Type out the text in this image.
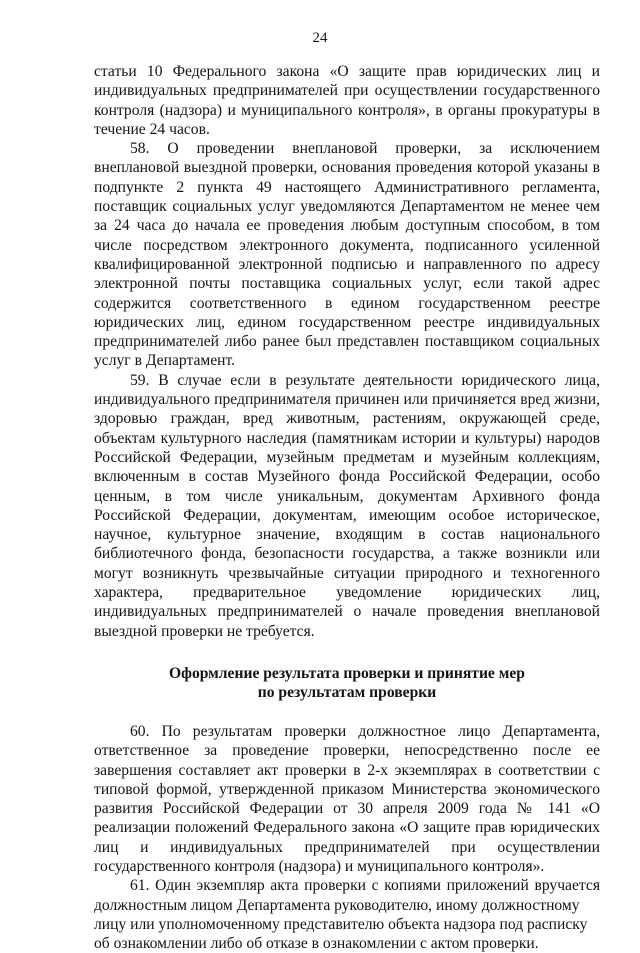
24

статьи 10 Федерального закона «О защите прав юридических лиц и индивидуальных предпринимателей при осуществлении государственного контроля (надзора) и муниципального контроля», в органы прокуратуры в течение 24 часов.

58. О проведении внеплановой проверки, за исключением внеплановой выездной проверки, основания проведения которой указаны в подпункте 2 пункта 49 настоящего Административного регламента, поставщик социальных услуг уведомляются Департаментом не менее чем за 24 часа до начала ее проведения любым доступным способом, в том числе посредством электронного документа, подписанного усиленной квалифицированной электронной подписью и направленного по адресу электронной почты поставщика социальных услуг, если такой адрес содержится соответственного в едином государственном реестре юридических лиц, едином государственном реестре индивидуальных предпринимателей либо ранее был представлен поставщиком социальных услуг в Департамент.

59. В случае если в результате деятельности юридического лица, индивидуального предпринимателя причинен или причиняется вред жизни, здоровью граждан, вред животным, растениям, окружающей среде, объектам культурного наследия (памятникам истории и культуры) народов Российской Федерации, музейным предметам и музейным коллекциям, включенным в состав Музейного фонда Российской Федерации, особо ценным, в том числе уникальным, документам Архивного фонда Российской Федерации, документам, имеющим особое историческое, научное, культурное значение, входящим в состав национального библиотечного фонда, безопасности государства, а также возникли или могут возникнуть чрезвычайные ситуации природного и техногенного характера, предварительное уведомление юридических лиц, индивидуальных предпринимателей о начале проведения внеплановой выездной проверки не требуется.

Оформление результата проверки и принятие мер
по результатам проверки

60. По результатам проверки должностное лицо Департамента, ответственное за проведение проверки, непосредственно после ее завершения составляет акт проверки в 2-х экземплярах в соответствии с типовой формой, утвержденной приказом Министерства экономического развития Российской Федерации от 30 апреля 2009 года № 141 «О реализации положений Федерального закона «О защите прав юридических лиц и индивидуальных предпринимателей при осуществлении государственного контроля (надзора) и муниципального контроля».

61. Один экземпляр акта проверки с копиями приложений вручается должностным лицом Департамента руководителю, иному должностному

лицу или уполномоченному представителю объекта надзора под расписку

об ознакомлении либо об отказе в ознакомлении с актом проверки.
